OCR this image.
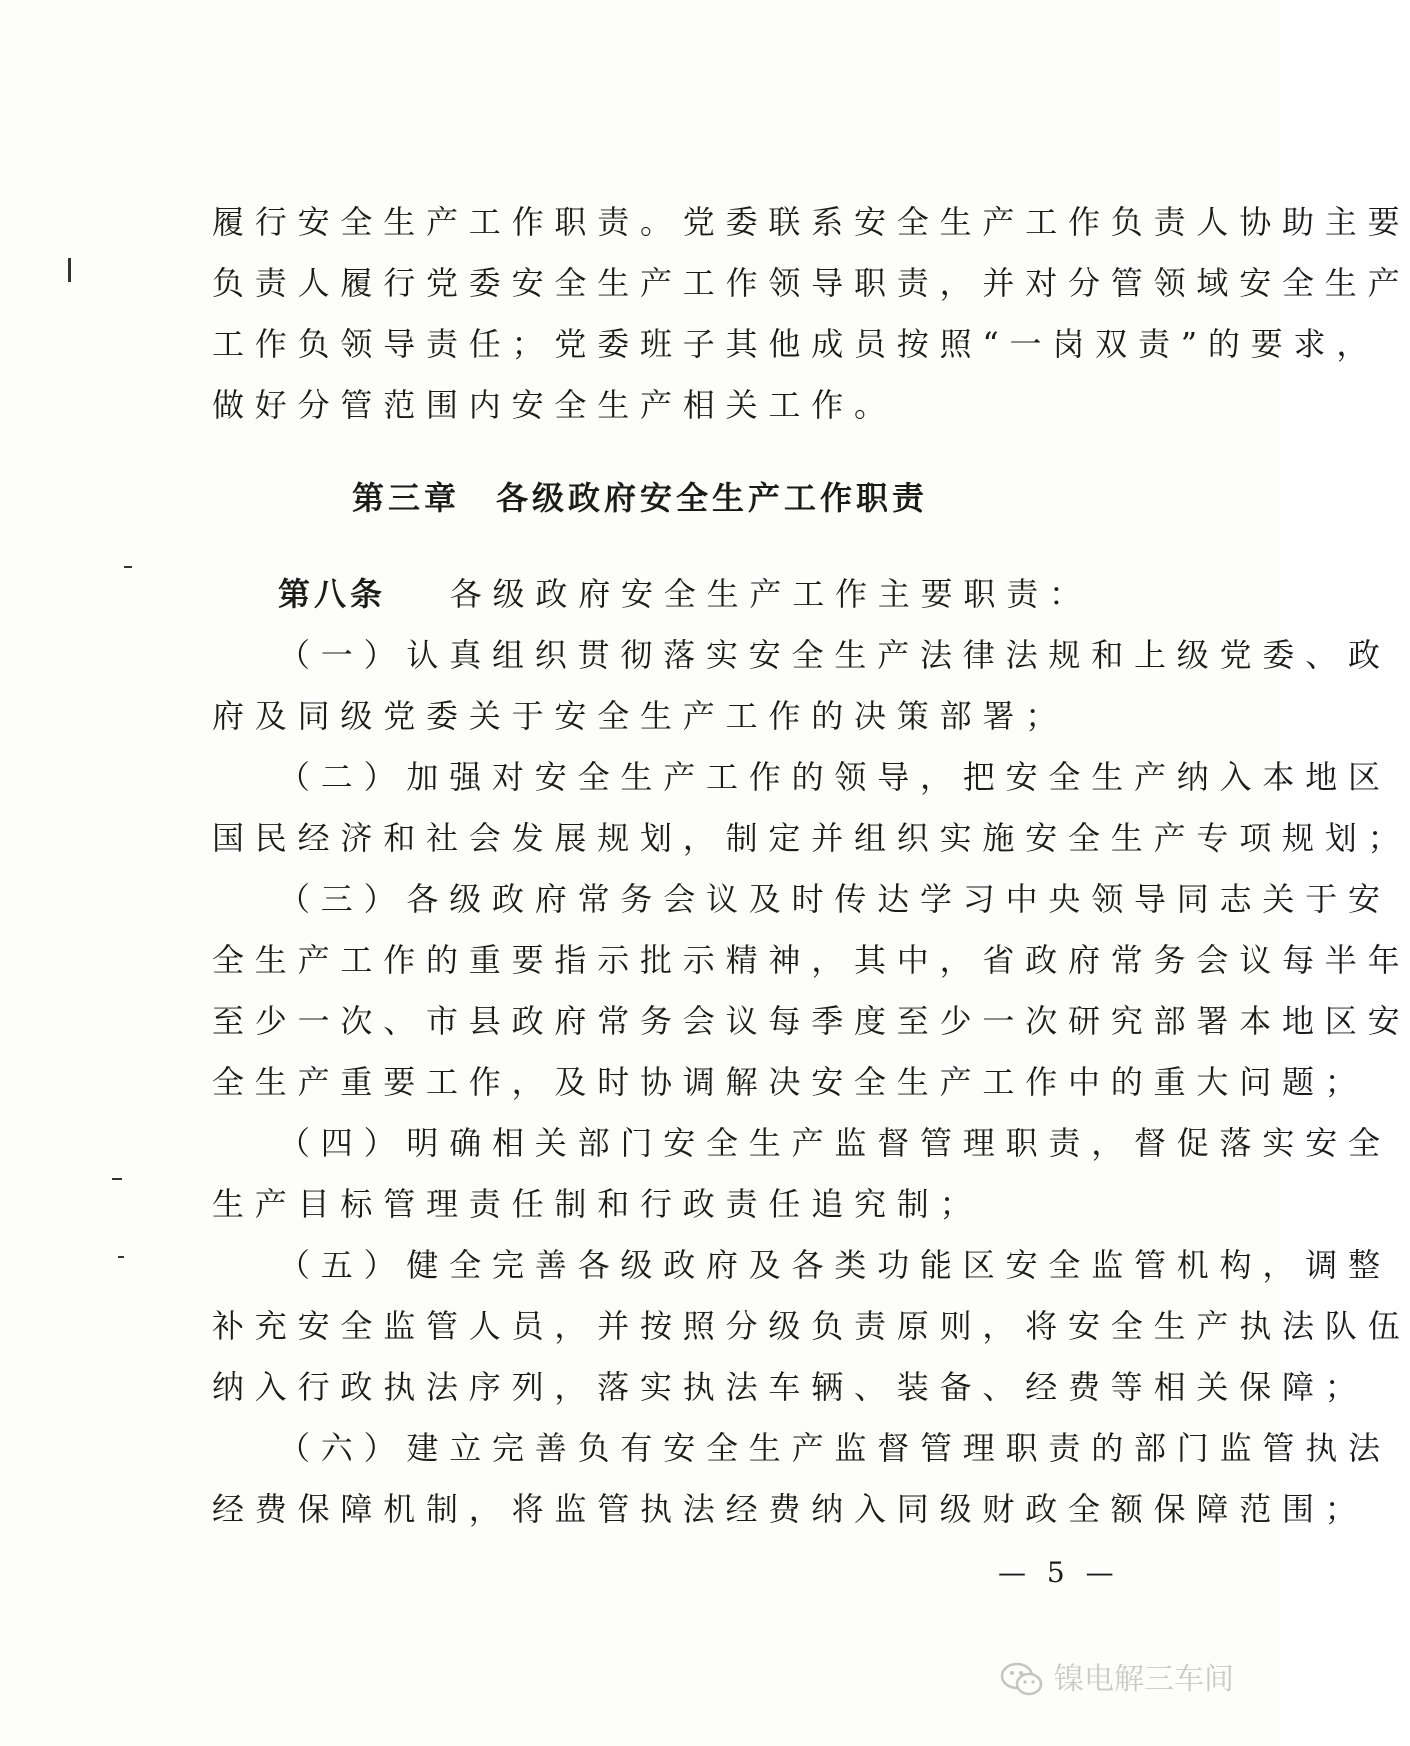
履行安全生产工作职责。党委联系安全生产工作负责人协助主要
负责人履行党委安全生产工作领导职责，并对分管领域安全生产
工作负领导责任；党委班子其他成员按照“一岗双责”的要求，
做好分管范围内安全生产相关工作。
第三章　各级政府安全生产工作职责
第八条　 各级政府安全生产工作主要职责：
（一）认真组织贯彻落实安全生产法律法规和上级党委、政
府及同级党委关于安全生产工作的决策部署；
（二）加强对安全生产工作的领导，把安全生产纳入本地区
国民经济和社会发展规划，制定并组织实施安全生产专项规划；
（三）各级政府常务会议及时传达学习中央领导同志关于安
全生产工作的重要指示批示精神，其中，省政府常务会议每半年
至少一次、市县政府常务会议每季度至少一次研究部署本地区安
全生产重要工作，及时协调解决安全生产工作中的重大问题；
（四）明确相关部门安全生产监督管理职责，督促落实安全
生产目标管理责任制和行政责任追究制；
（五）健全完善各级政府及各类功能区安全监管机构，调整
补充安全监管人员，并按照分级负责原则，将安全生产执法队伍
纳入行政执法序列，落实执法车辆、装备、经费等相关保障；
（六）建立完善负有安全生产监督管理职责的部门监管执法
经费保障机制，将监管执法经费纳入同级财政全额保障范围；
— 5 —
镍电解三车间
